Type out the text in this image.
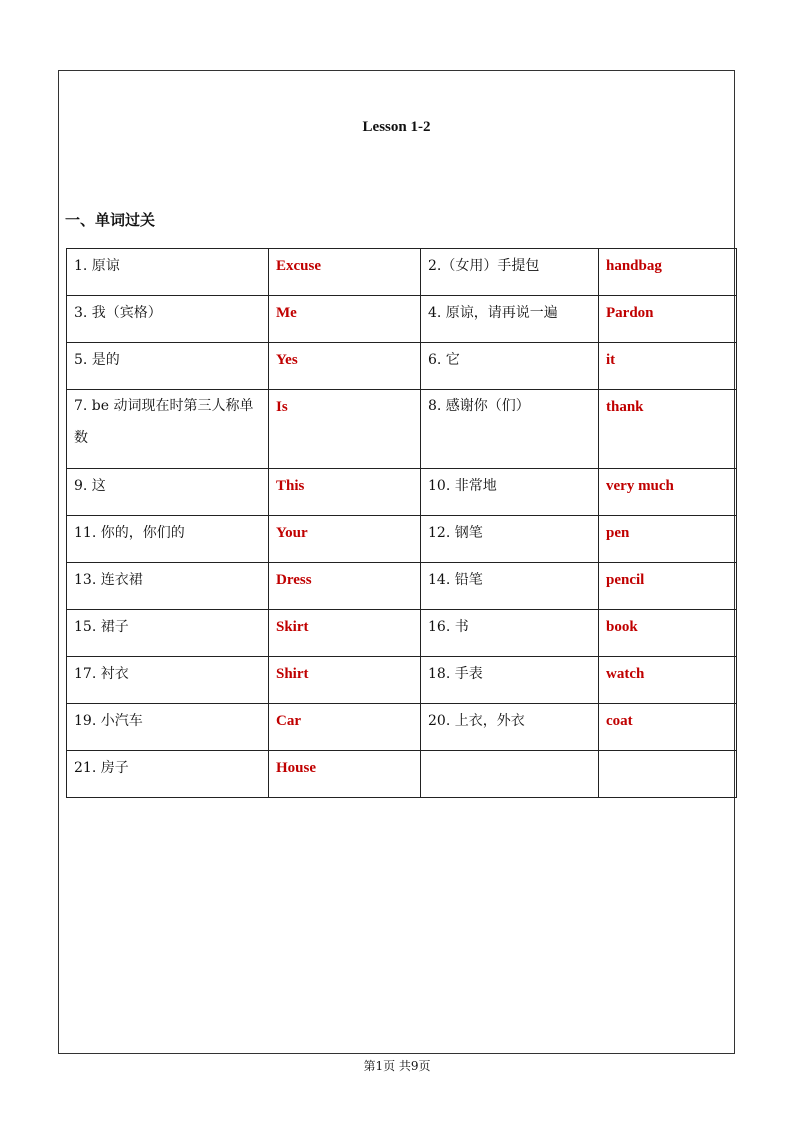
Lesson 1-2
一、单词过关
1. 原谅	Excuse	2.（女用）手提包	handbag
3. 我（宾格）	Me	4. 原谅，请再说一遍	Pardon
5. 是的	Yes	6. 它	it
7. be 动词现在时第三人称单数	Is	8. 感谢你（们）	thank
9. 这	This	10. 非常地	very much
11. 你的，你们的	Your	12. 钢笔	pen
13. 连衣裙	Dress	14. 铅笔	pencil
15. 裙子	Skirt	16. 书	book
17. 衬衣	Shirt	18. 手表	watch
19. 小汽车	Car	20. 上衣，外衣	coat
21. 房子	House		
第1页 共9页
